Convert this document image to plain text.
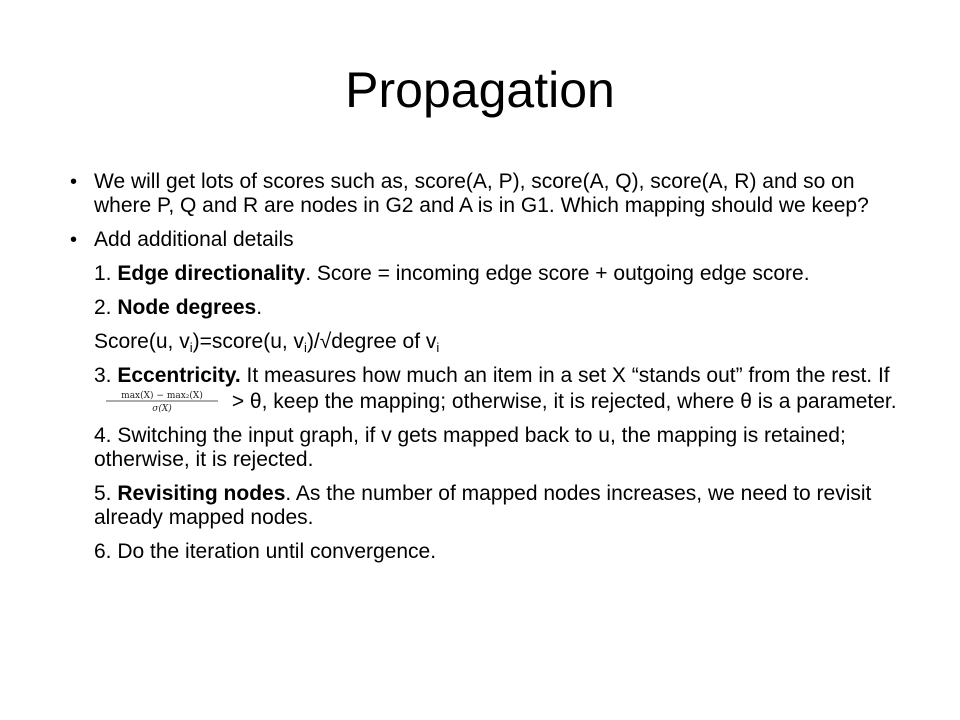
Propagation
• We will get lots of scores such as, score(A, P), score(A, Q), score(A, R) and so on where P, Q and R are nodes in G2 and A is in G1. Which mapping should we keep?
• Add additional details
1. Edge directionality. Score = incoming edge score + outgoing edge score.
2. Node degrees.
Score(u, $v_i)=score(u$, $v_i)/√degree$ of $v_i$
3. Eccentricity. It measures how much an item in a set X “stands out” from the rest. If
max(X) − max₂(X)
σ(X)	> θ, keep the mapping; otherwise, it is rejected, where θ is a parameter.
4. Switching the input graph, if v gets mapped back to u, the mapping is retained; otherwise, it is rejected.
5. Revisiting nodes. As the number of mapped nodes increases, we need to revisit already mapped nodes.
6. Do the iteration until convergence.
